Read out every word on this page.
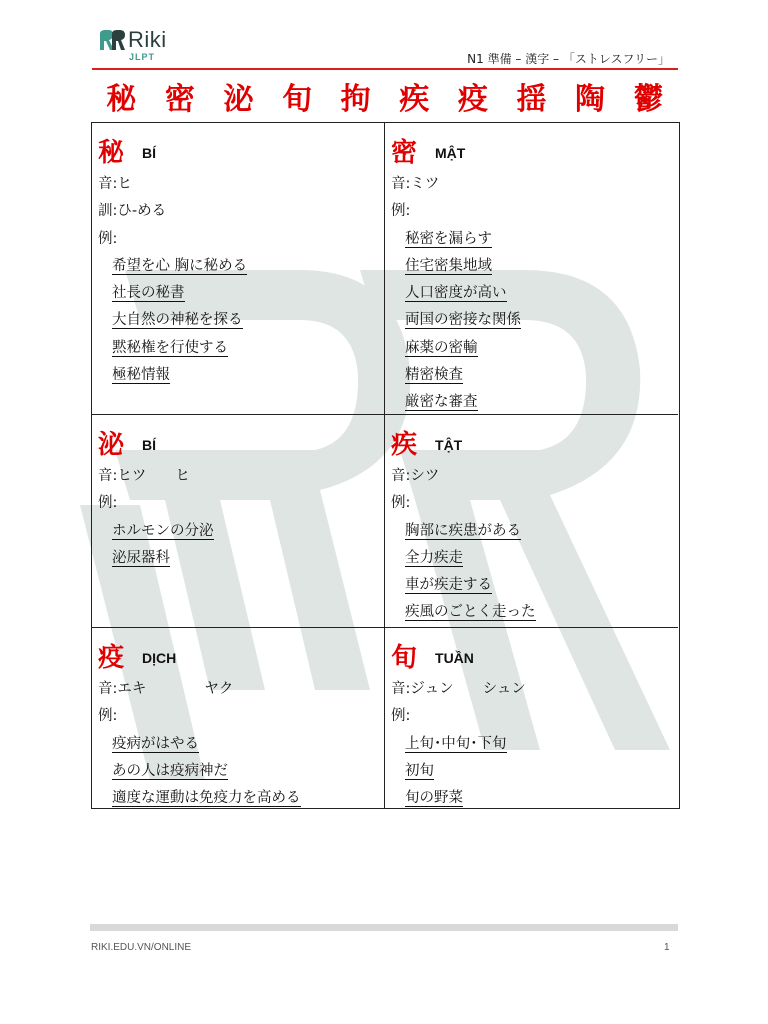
Riki
JLPT	N1 準備 – 漢字 – 「ストレスフリー」
秘 密 泌 旬 拘 疾 疫 揺 陶 鬱
秘 BÍ
音:ヒ
訓:ひ-める
例:
希望を心 胸に秘める
社長の秘書
大自然の神秘を探る
黙秘権を行使する
極秘情報
密 MẬT
音:ミツ
例:
秘密を漏らす
住宅密集地域
人口密度が高い
両国の密接な関係
麻薬の密輸
精密検査
厳密な審査
泌 BÍ
音:ヒツ　　ヒ
例:
ホルモンの分泌
泌尿器科
疾 TẬT
音:シツ
例:
胸部に疾患がある
全力疾走
車が疾走する
疾風のごとく走った
疫 DỊCH
音:エキ　　　　ヤク
例:
疫病がはやる
あの人は疫病神だ
適度な運動は免疫力を高める
旬 TUẦN
音:ジュン　　シュン
例:
上旬･中旬･下旬
初旬
旬の野菜
RIKI.EDU.VN/ONLINE	1
